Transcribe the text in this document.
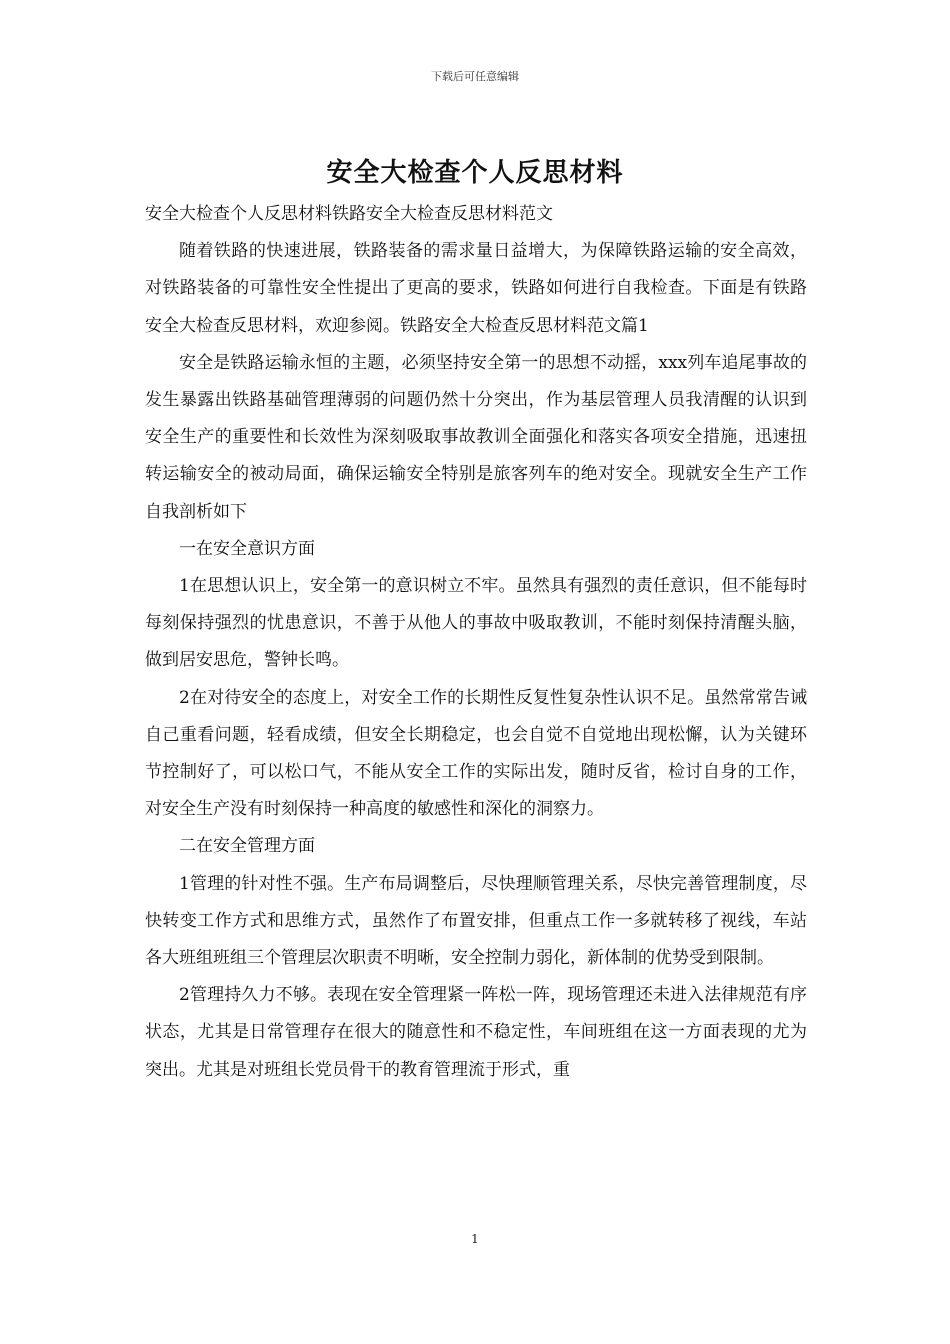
下载后可任意编辑
安全大检查个人反思材料

安全大检查个人反思材料铁路安全大检查反思材料范文

随着铁路的快速进展，铁路装备的需求量日益增大，为保障铁路运输的安全高效，对铁路装备的可靠性安全性提出了更高的要求，铁路如何进行自我检查。下面是有铁路安全大检查反思材料，欢迎参阅。铁路安全大检查反思材料范文篇1

安全是铁路运输永恒的主题，必须坚持安全第一的思想不动摇，xxx列车追尾事故的发生暴露出铁路基础管理薄弱的问题仍然十分突出，作为基层管理人员我清醒的认识到安全生产的重要性和长效性为深刻吸取事故教训全面强化和落实各项安全措施，迅速扭转运输安全的被动局面，确保运输安全特别是旅客列车的绝对安全。现就安全生产工作自我剖析如下

一在安全意识方面

1在思想认识上，安全第一的意识树立不牢。虽然具有强烈的责任意识，但不能每时每刻保持强烈的忧患意识，不善于从他人的事故中吸取教训，不能时刻保持清醒头脑，做到居安思危，警钟长鸣。

2在对待安全的态度上，对安全工作的长期性反复性复杂性认识不足。虽然常常告诫自己重看问题，轻看成绩，但安全长期稳定，也会自觉不自觉地出现松懈，认为关键环节控制好了，可以松口气，不能从安全工作的实际出发，随时反省，检讨自身的工作，对安全生产没有时刻保持一种高度的敏感性和深化的洞察力。

二在安全管理方面

1管理的针对性不强。生产布局调整后，尽快理顺管理关系，尽快完善管理制度，尽快转变工作方式和思维方式，虽然作了布置安排，但重点工作一多就转移了视线，车站各大班组班组三个管理层次职责不明晰，安全控制力弱化，新体制的优势受到限制。

2管理持久力不够。表现在安全管理紧一阵松一阵，现场管理还未进入法律规范有序状态，尤其是日常管理存在很大的随意性和不稳定性，车间班组在这一方面表现的尤为突出。尤其是对班组长党员骨干的教育管理流于形式，重

1
